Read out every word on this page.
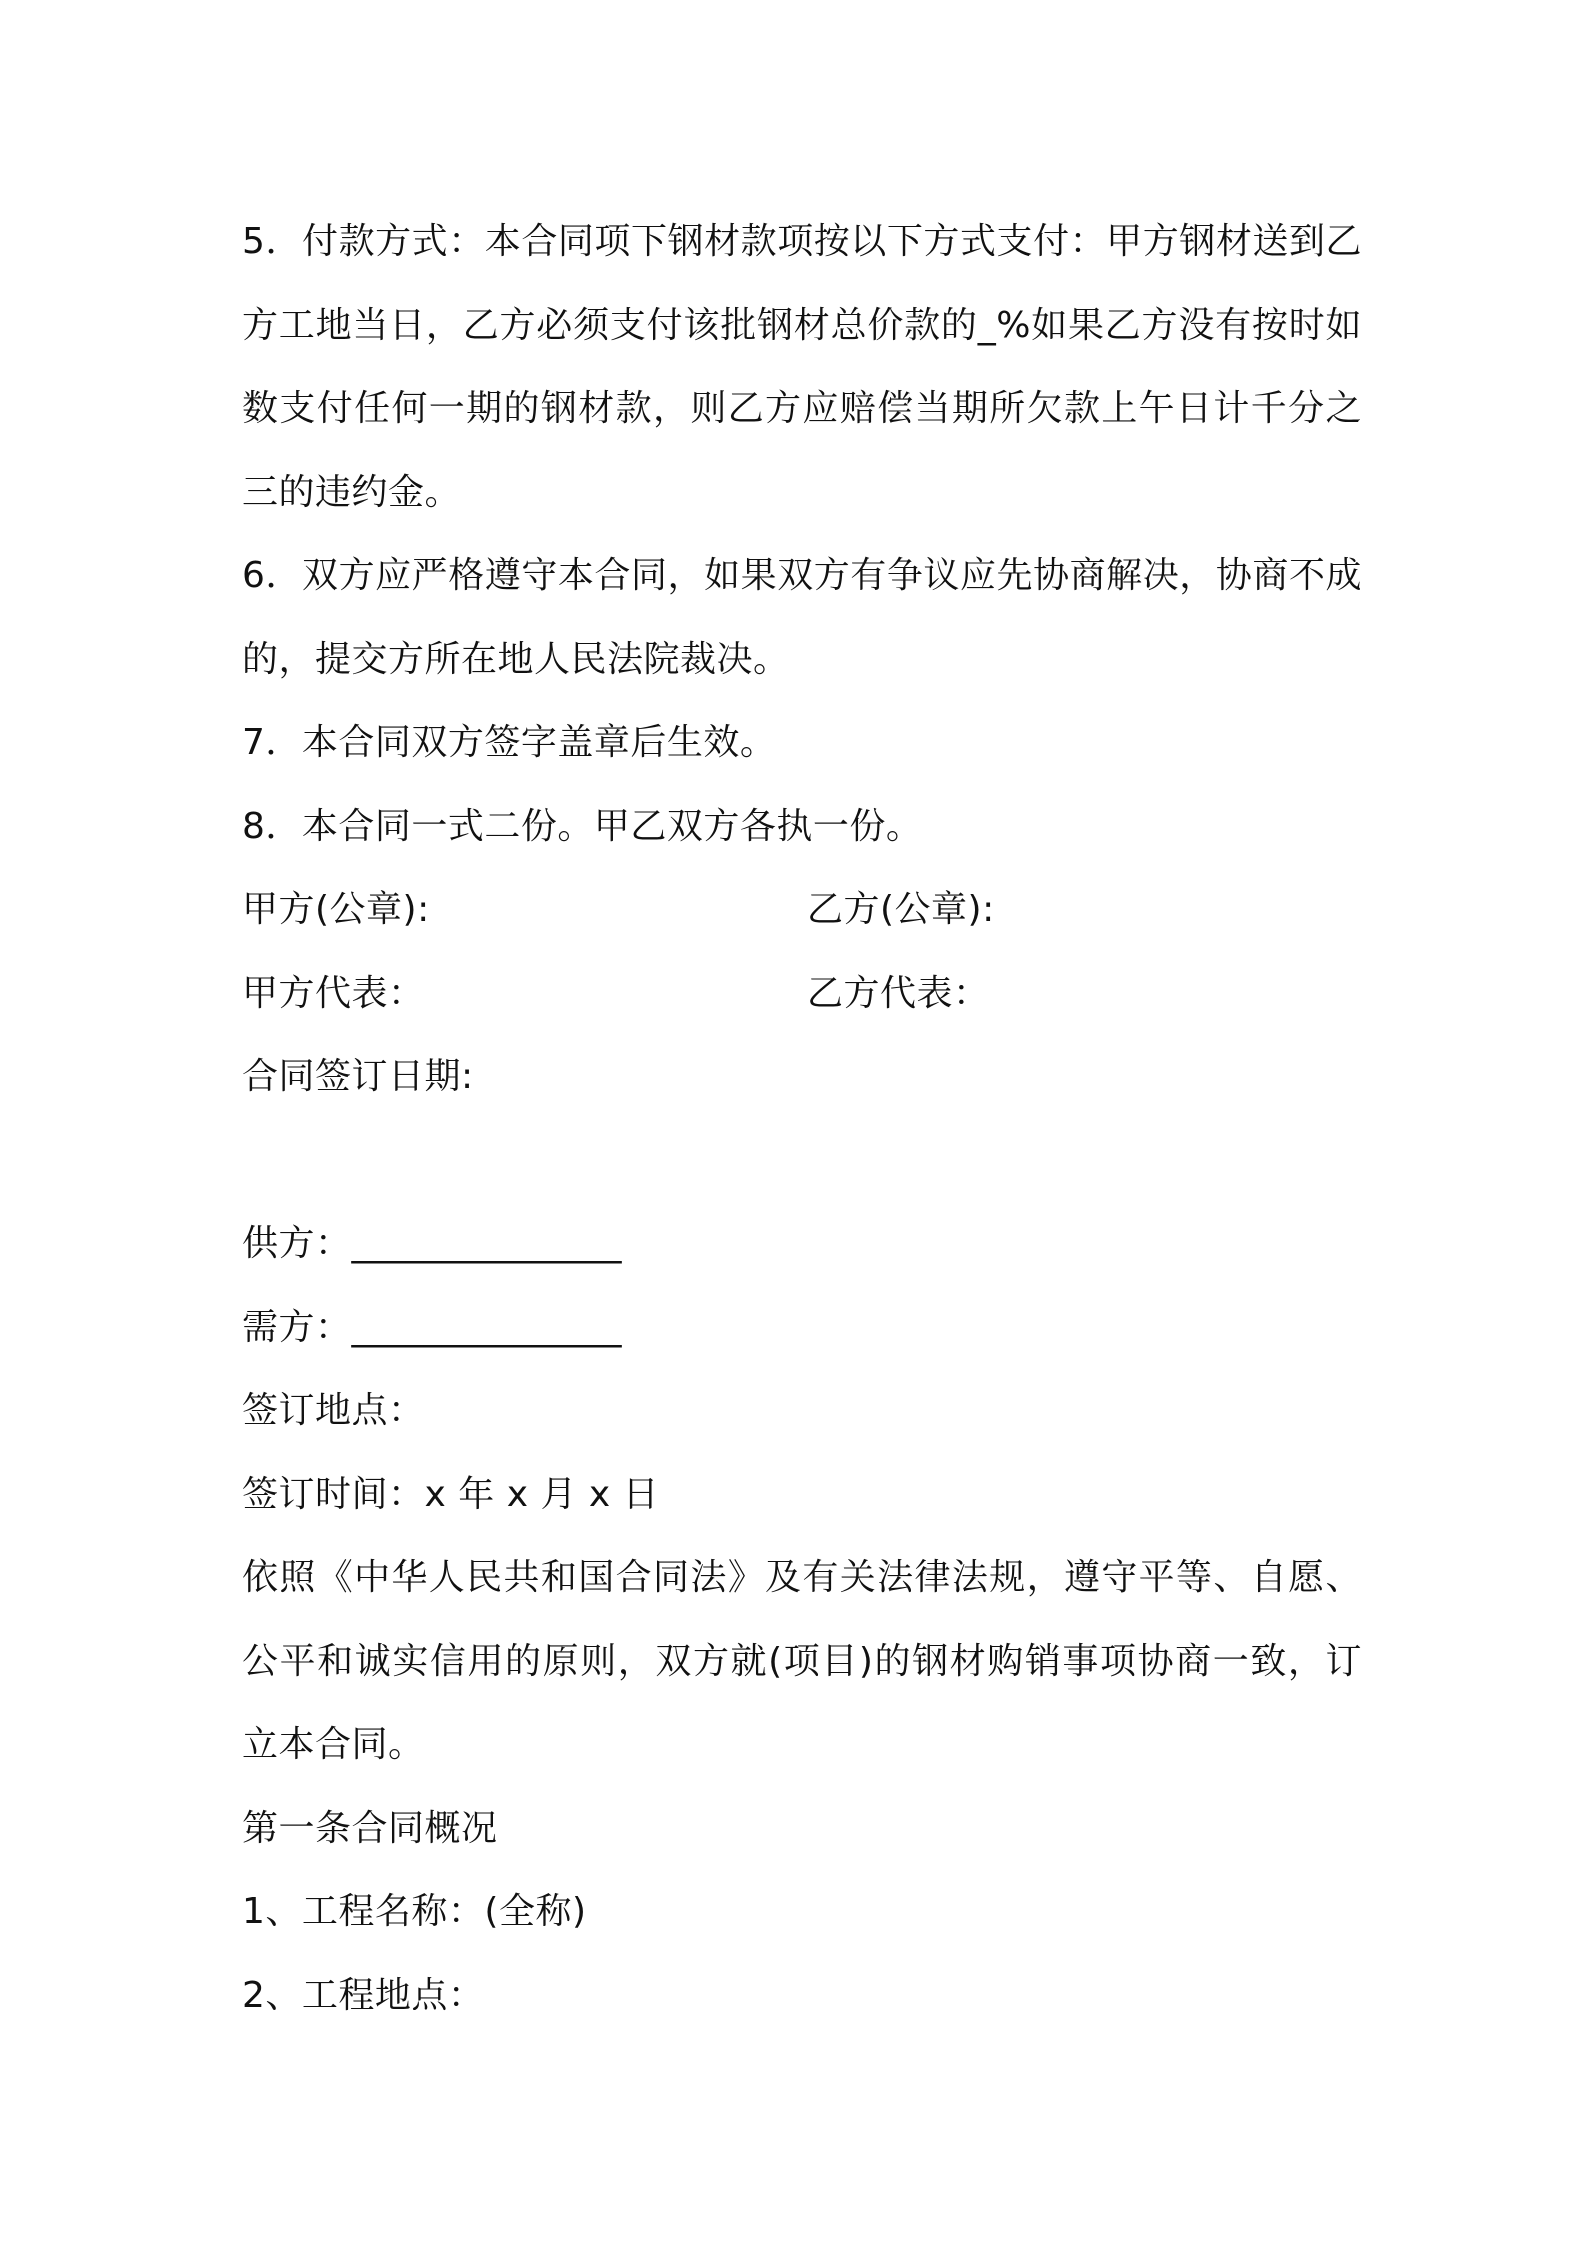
5．付款方式：本合同项下钢材款项按以下方式支付：甲方钢材送到乙方工地当日，乙方必须支付该批钢材总价款的_%如果乙方没有按时如数支付任何一期的钢材款，则乙方应赔偿当期所欠款上午日计千分之三的违约金。

6．双方应严格遵守本合同，如果双方有争议应先协商解决，协商不成的，提交方所在地人民法院裁决。

7．本合同双方签字盖章后生效。

8．本合同一式二份。甲乙双方各执一份。

甲方(公章):	乙方(公章):
甲方代表：	乙方代表：

合同签订日期:

供方：_______________

需方：_______________

签订地点：

签订时间：x 年 x 月 x 日

依照《中华人民共和国合同法》及有关法律法规，遵守平等、自愿、公平和诚实信用的原则，双方就(项目)的钢材购销事项协商一致，订立本合同。

第一条合同概况

1、工程名称：(全称)

2、工程地点：
